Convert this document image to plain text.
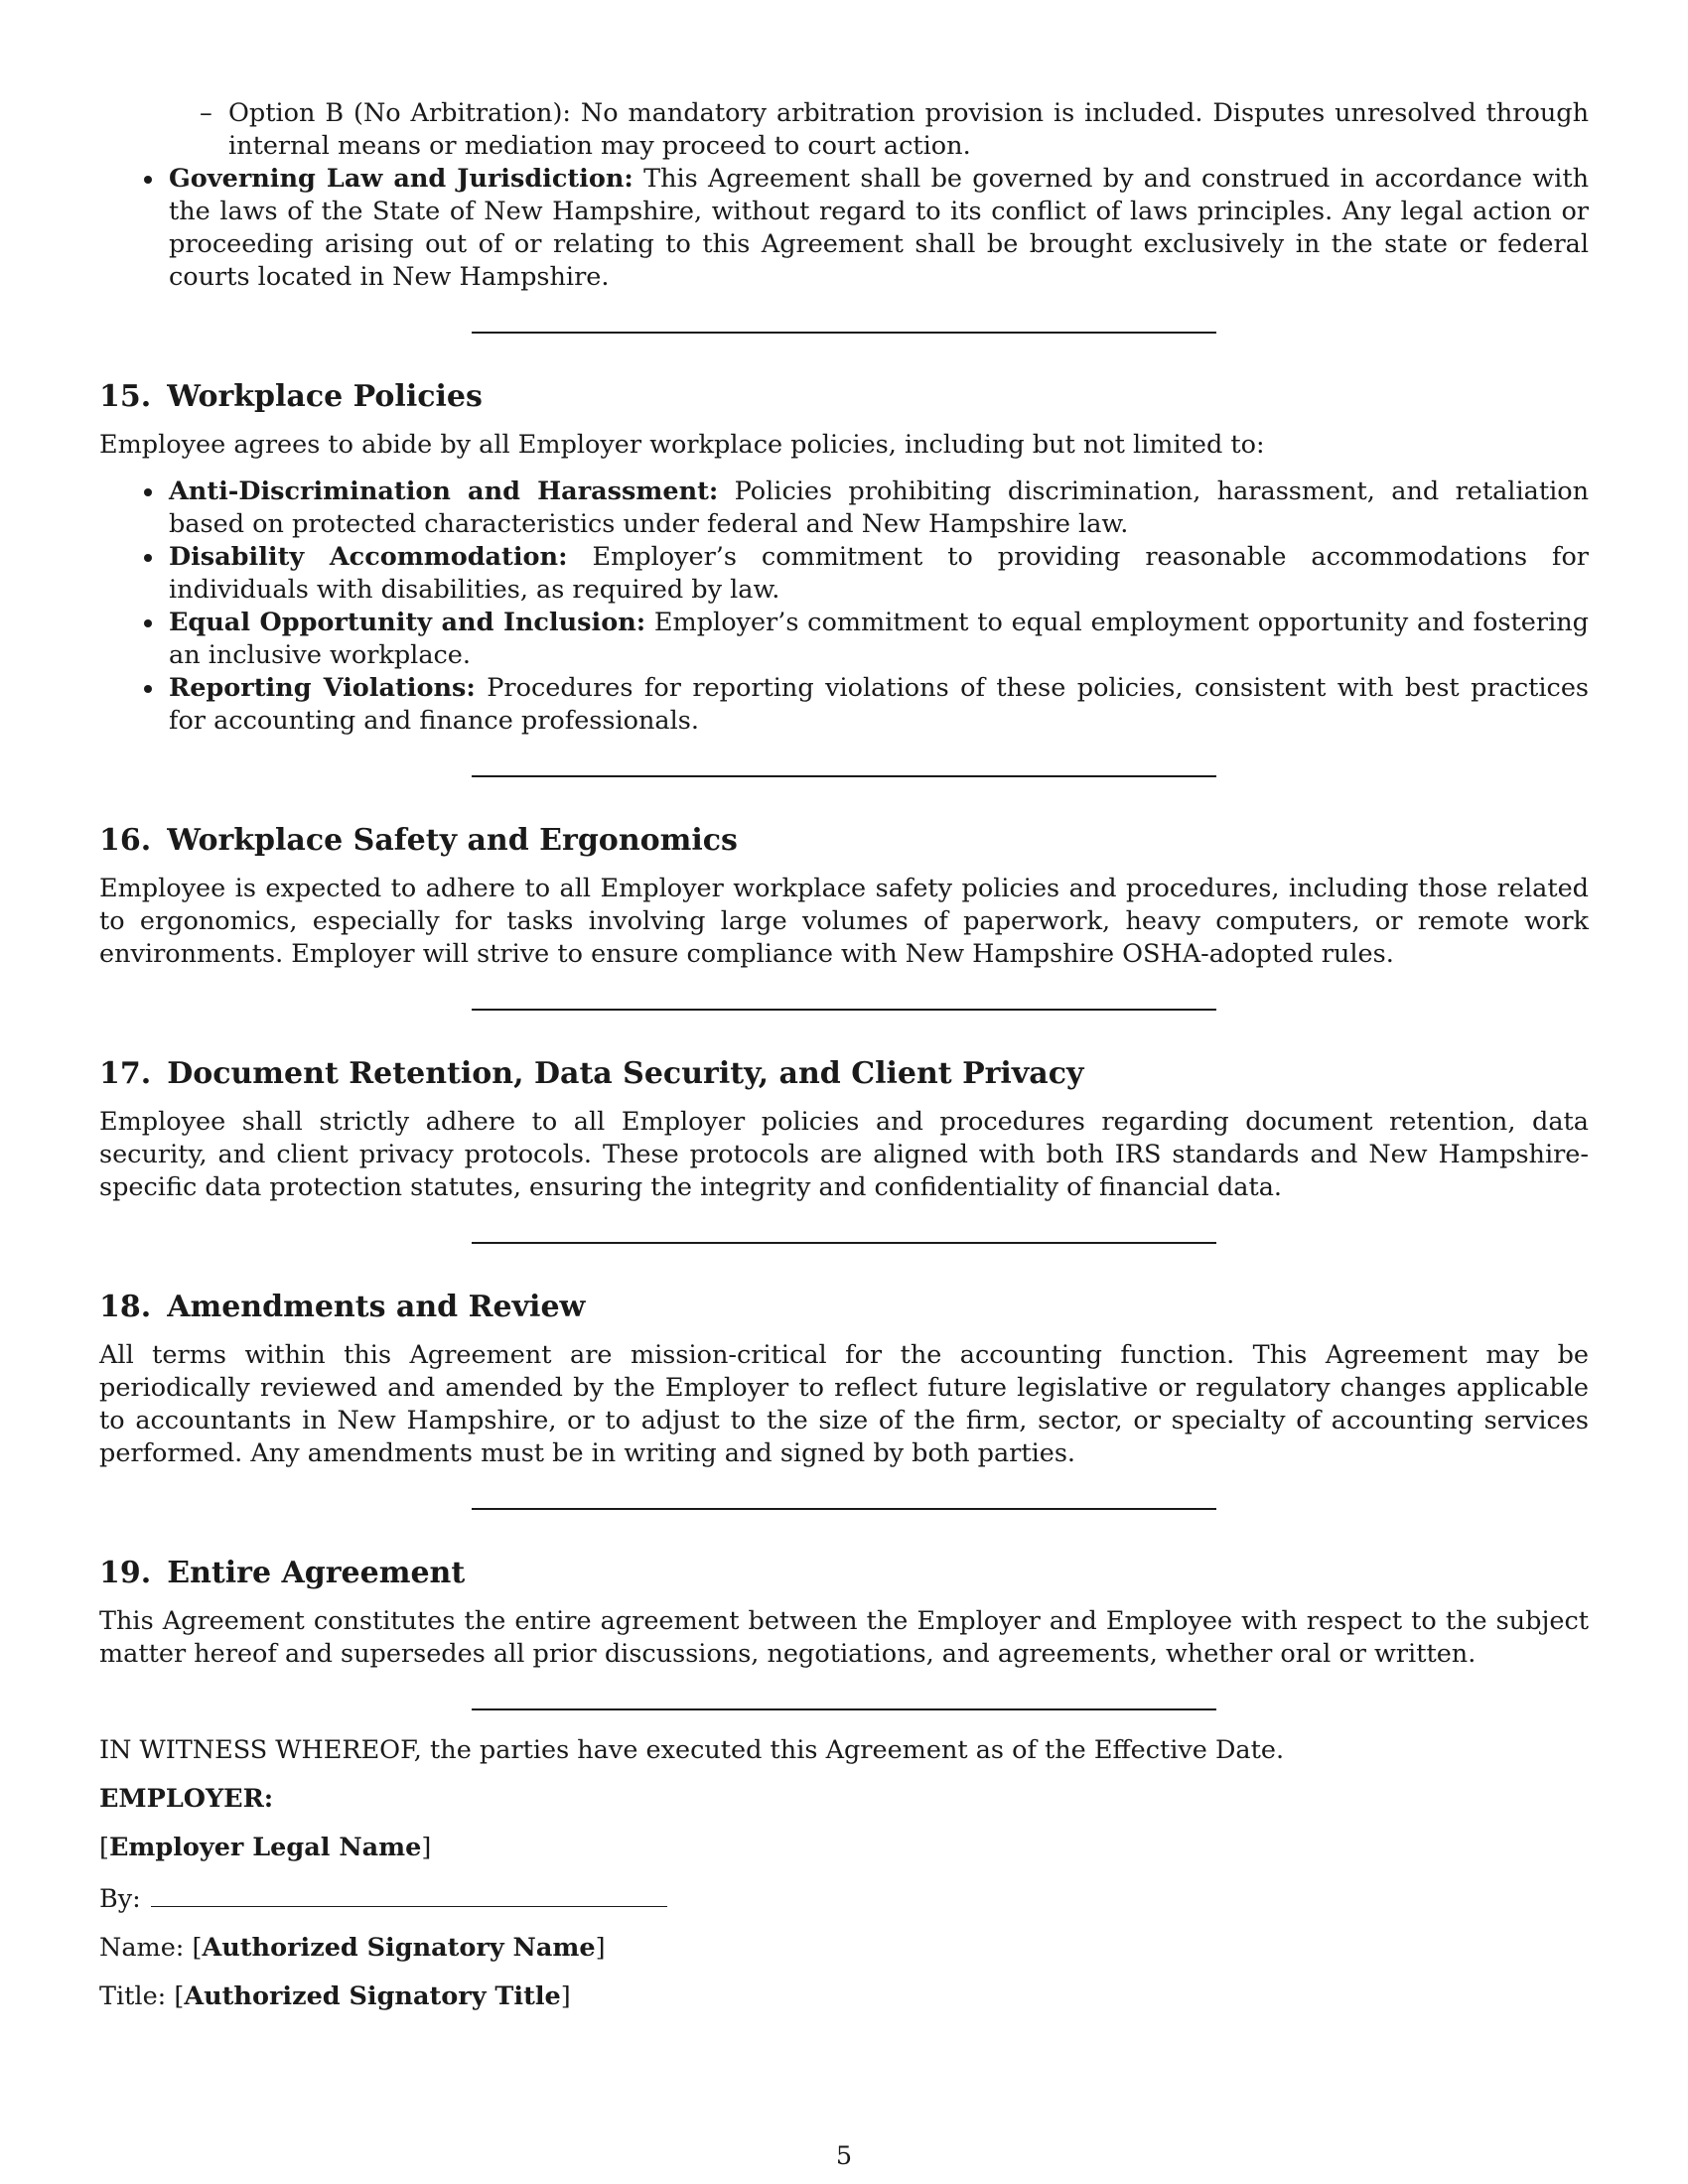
– Option B (No Arbitration): No mandatory arbitration provision is included. Disputes unresolved through internal means or mediation may proceed to court action.
Governing Law and Jurisdiction: This Agreement shall be governed by and construed in accordance with the laws of the State of New Hampshire, without regard to its conflict of laws principles. Any legal action or proceeding arising out of or relating to this Agreement shall be brought exclusively in the state or federal courts located in New Hampshire.
15. Workplace Policies

Employee agrees to abide by all Employer workplace policies, including but not limited to:

Anti-Discrimination and Harassment: Policies prohibiting discrimination, harassment, and retaliation based on protected characteristics under federal and New Hampshire law.
Disability Accommodation: Employer’s commitment to providing reasonable accommodations for individuals with disabilities, as required by law.
Equal Opportunity and Inclusion: Employer’s commitment to equal employment opportunity and fostering an inclusive workplace.
Reporting Violations: Procedures for reporting violations of these policies, consistent with best practices for accounting and finance professionals.
16. Workplace Safety and Ergonomics

Employee is expected to adhere to all Employer workplace safety policies and procedures, including those related to ergonomics, especially for tasks involving large volumes of paperwork, heavy computers, or remote work environments. Employer will strive to ensure compliance with New Hampshire OSHA-adopted rules.

17. Document Retention, Data Security, and Client Privacy

Employee shall strictly adhere to all Employer policies and procedures regarding document retention, data security, and client privacy protocols. These protocols are aligned with both IRS standards and New Hampshire-specific data protection statutes, ensuring the integrity and confidentiality of financial data.

18. Amendments and Review

All terms within this Agreement are mission-critical for the accounting function. This Agreement may be periodically reviewed and amended by the Employer to reflect future legislative or regulatory changes applicable to accountants in New Hampshire, or to adjust to the size of the firm, sector, or specialty of accounting services performed. Any amendments must be in writing and signed by both parties.

19. Entire Agreement

This Agreement constitutes the entire agreement between the Employer and Employee with respect to the subject matter hereof and supersedes all prior discussions, negotiations, and agreements, whether oral or written.

IN WITNESS WHEREOF, the parties have executed this Agreement as of the Effective Date.

EMPLOYER:

[Employer Legal Name]

By:

Name: [Authorized Signatory Name]

Title: [Authorized Signatory Title]

5
